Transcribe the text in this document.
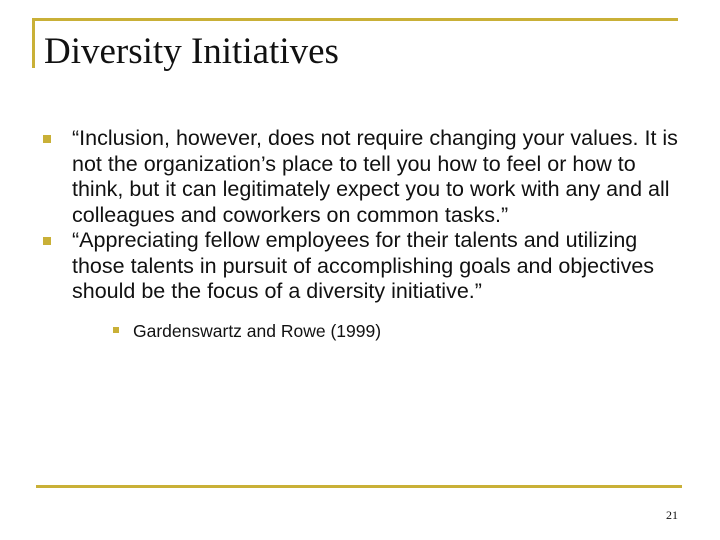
Diversity Initiatives
“Inclusion, however, does not require changing your values. It is not the organization’s place to tell you how to feel or how to think, but it can legitimately expect you to work with any and all colleagues and coworkers on common tasks.”
“Appreciating fellow employees for their talents and utilizing those talents in pursuit of accomplishing goals and objectives should be the focus of a diversity initiative.”
Gardenswartz and Rowe (1999)
21
